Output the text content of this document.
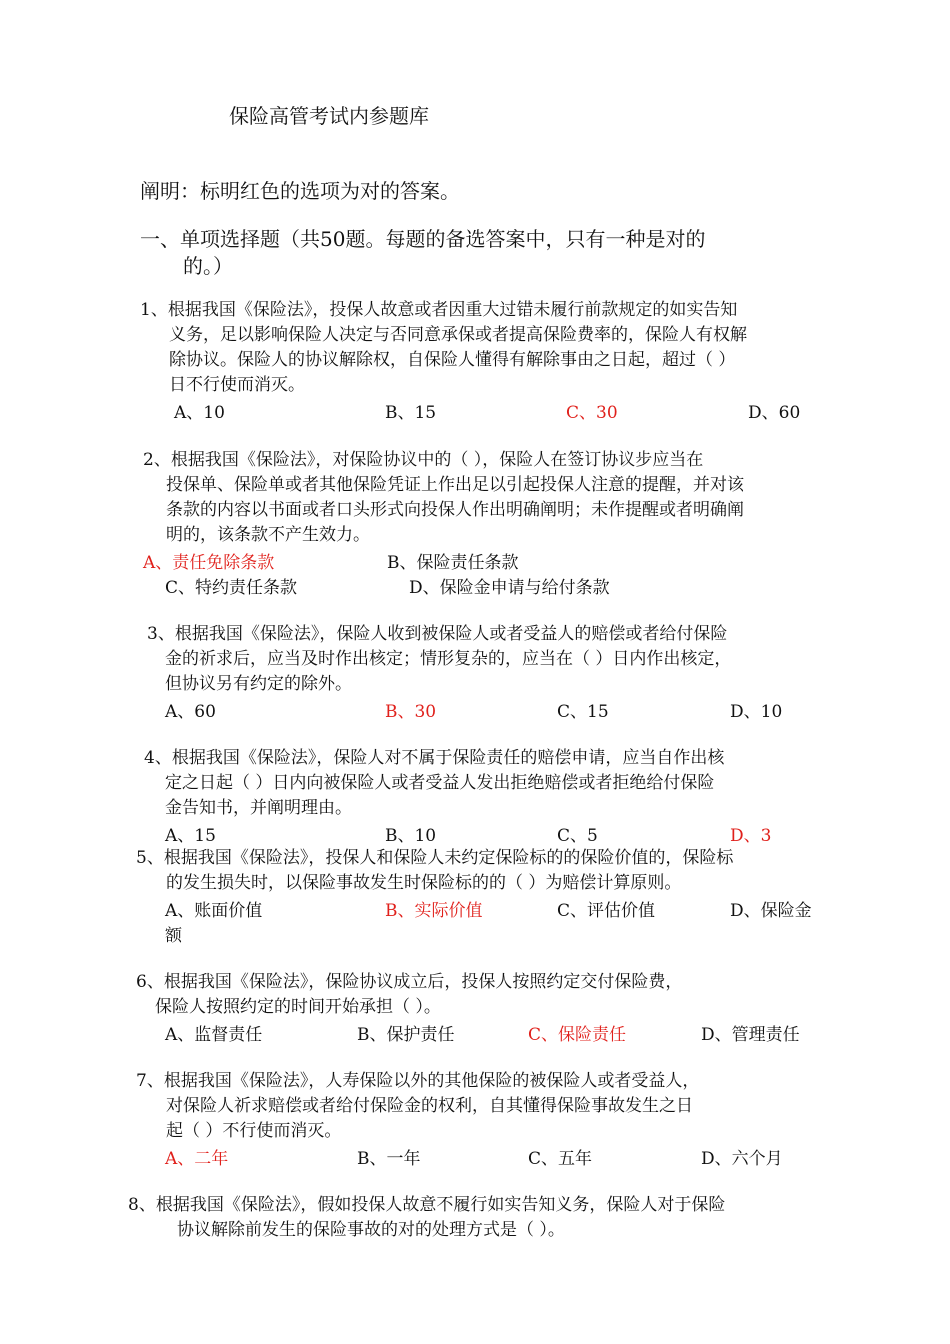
保险高管考试内参题库
阐明：标明红色的选项为对的答案。
一、单项选择题（共50题。每题的备选答案中，只有一种是对的
的。）
1、根据我国《保险法》，投保人故意或者因重大过错未履行前款规定的如实告知
义务，足以影响保险人决定与否同意承保或者提高保险费率的，保险人有权解
除协议。保险人的协议解除权，自保险人懂得有解除事由之日起，超过（ ）
日不行使而消灭。
A、10	B、15	C、30	D、60
2、根据我国《保险法》，对保险协议中的（ ），保险人在签订协议步应当在
投保单、保险单或者其他保险凭证上作出足以引起投保人注意的提醒，并对该
条款的内容以书面或者口头形式向投保人作出明确阐明；未作提醒或者明确阐
明的，该条款不产生效力。
A、责任免除条款	B、保险责任条款
C、特约责任条款	D、保险金申请与给付条款
3、根据我国《保险法》，保险人收到被保险人或者受益人的赔偿或者给付保险
金的祈求后，应当及时作出核定；情形复杂的，应当在（ ）日内作出核定，
但协议另有约定的除外。
A、60	B、30	C、15	D、10
4、根据我国《保险法》，保险人对不属于保险责任的赔偿申请，应当自作出核
定之日起（ ）日内向被保险人或者受益人发出拒绝赔偿或者拒绝给付保险
金告知书，并阐明理由。
A、15	B、10	C、5	D、3
5、根据我国《保险法》，投保人和保险人未约定保险标的的保险价值的，保险标
的发生损失时，以保险事故发生时保险标的的（ ）为赔偿计算原则。
A、账面价值	B、实际价值	C、评估价值	D、保险金
额
6、根据我国《保险法》，保险协议成立后，投保人按照约定交付保险费，
保险人按照约定的时间开始承担（ ）。
A、监督责任	B、保护责任	C、保险责任	D、管理责任
7、根据我国《保险法》，人寿保险以外的其他保险的被保险人或者受益人，
对保险人祈求赔偿或者给付保险金的权利，自其懂得保险事故发生之日
起（ ）不行使而消灭。
A、二年	B、一年	C、五年	D、六个月
8、根据我国《保险法》，假如投保人故意不履行如实告知义务，保险人对于保险
协议解除前发生的保险事故的对的处理方式是（ ）。
